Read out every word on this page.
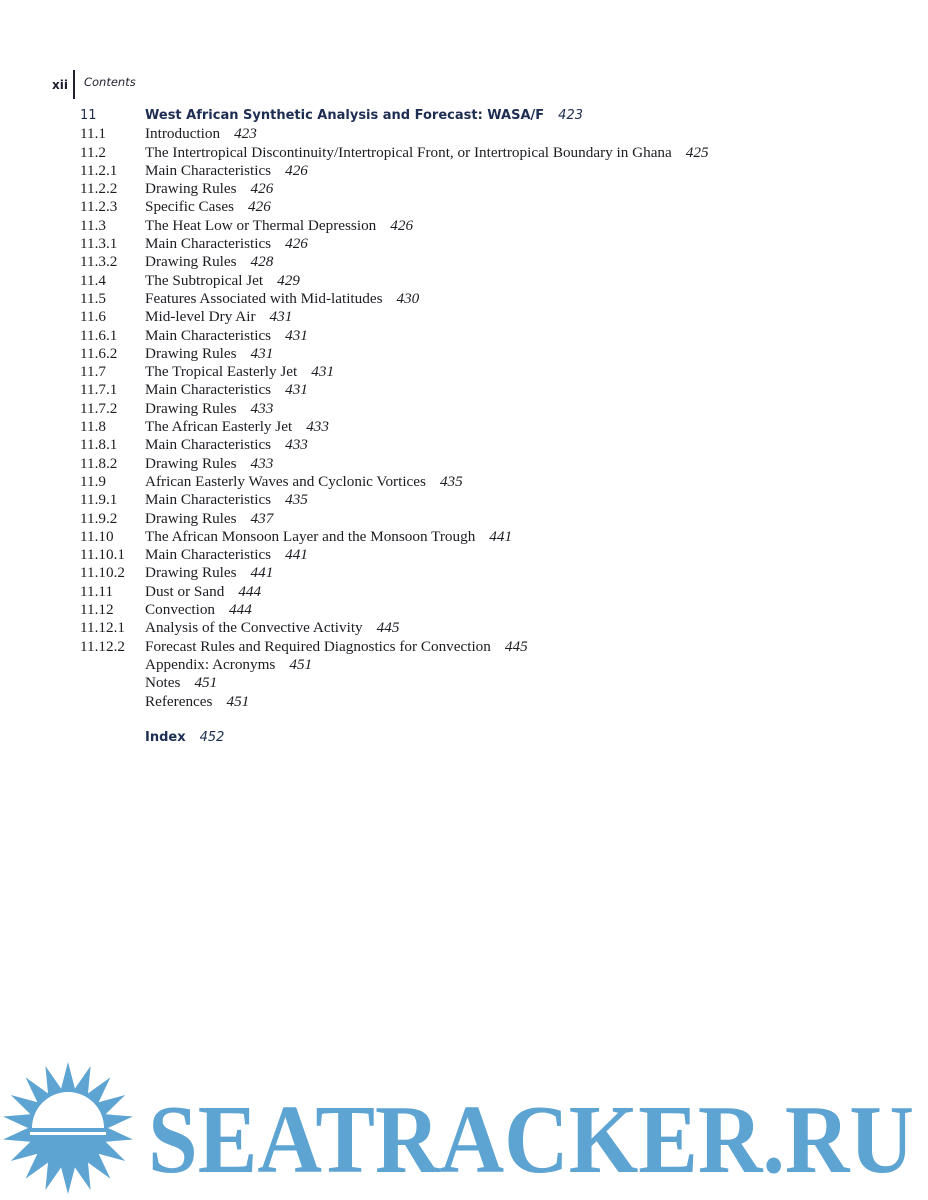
xii	Contents
11	West African Synthetic Analysis and Forecast: WASA/F 423
11.1	Introduction 423
11.2	The Intertropical Discontinuity/Intertropical Front, or Intertropical Boundary in Ghana 425
11.2.1 Main Characteristics 426
11.2.2 Drawing Rules 426
11.2.3 Specific Cases 426
11.3	The Heat Low or Thermal Depression 426
11.3.1 Main Characteristics 426
11.3.2 Drawing Rules 428
11.4	The Subtropical Jet 429
11.5	Features Associated with Mid-latitudes 430
11.6	Mid-level Dry Air 431
11.6.1 Main Characteristics 431
11.6.2 Drawing Rules 431
11.7	The Tropical Easterly Jet 431
11.7.1 Main Characteristics 431
11.7.2 Drawing Rules 433
11.8	The African Easterly Jet 433
11.8.1 Main Characteristics 433
11.8.2 Drawing Rules 433
11.9	African Easterly Waves and Cyclonic Vortices 435
11.9.1 Main Characteristics 435
11.9.2 Drawing Rules 437
11.10 The African Monsoon Layer and the Monsoon Trough 441
11.10.1 Main Characteristics 441
11.10.2 Drawing Rules 441
11.11 Dust or Sand 444
11.12 Convection 444
11.12.1 Analysis of the Convective Activity 445
11.12.2 Forecast Rules and Required Diagnostics for Convection 445
Appendix: Acronyms 451
Notes 451
References 451
Index 452
SEATRACKER.RU
